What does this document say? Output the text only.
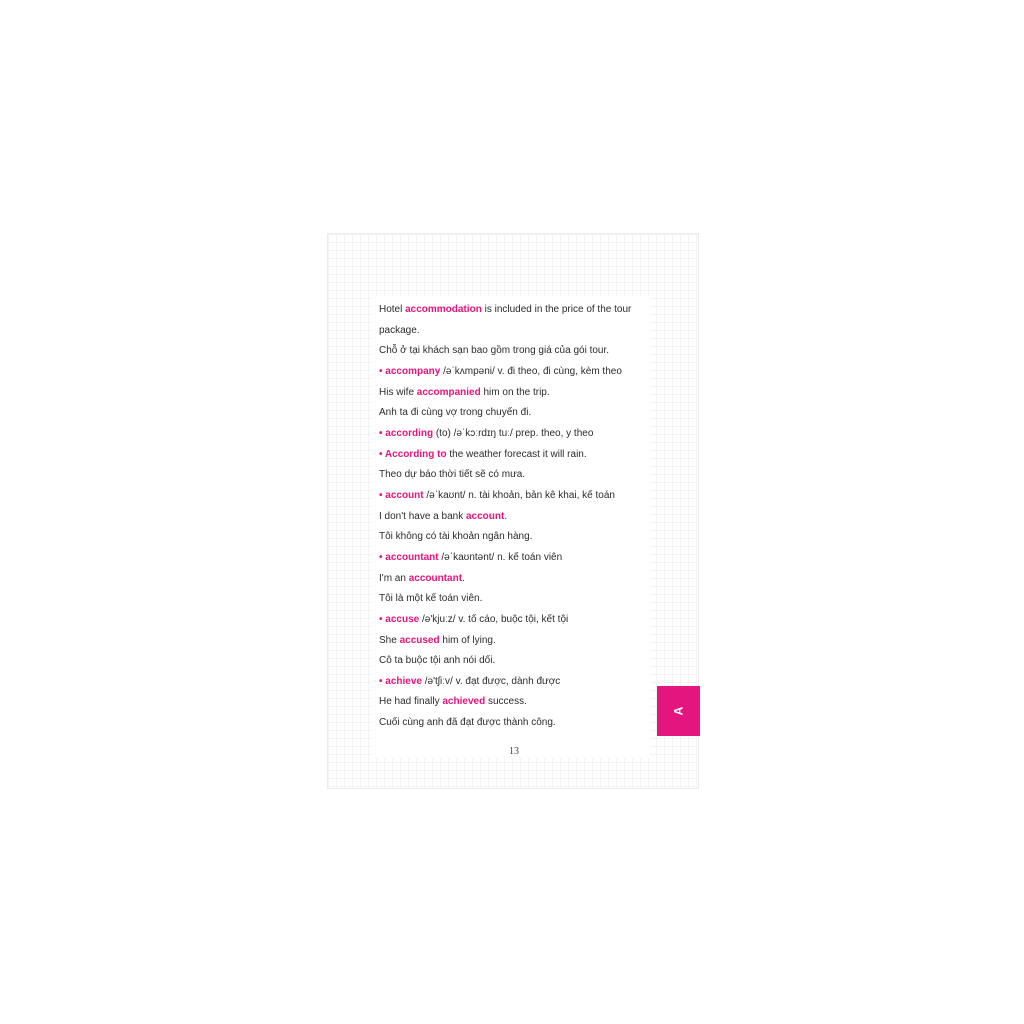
Hotel accommodation is included in the price of the tour
package.
Chỗ ở tại khách sạn bao gồm trong giá của gói tour.
• accompany /əˈkʌmpəni/ v. đi theo, đi cùng, kèm theo
His wife accompanied him on the trip.
Anh ta đi cùng vợ trong chuyến đi.
• according (to) /əˈkɔːrdɪŋ tuː/ prep. theo, y theo
• According to the weather forecast it will rain.
Theo dự báo thời tiết sẽ có mưa.
• account /əˈkaʊnt/ n. tài khoản, bản kê khai, kế toán
I don't have a bank account.
Tôi không có tài khoản ngân hàng.
• accountant /əˈkaʊntənt/ n. kế toán viên
I'm an accountant.
Tôi là một kế toán viên.
• accuse /ə'kjuːz/ v. tố cáo, buộc tội, kết tội
She accused him of lying.
Cô ta buộc tội anh nói dối.
• achieve /ə'tʃiːv/ v. đạt được, dành được
He had finally achieved success.
Cuối cùng anh đã đạt được thành công.
13
A
